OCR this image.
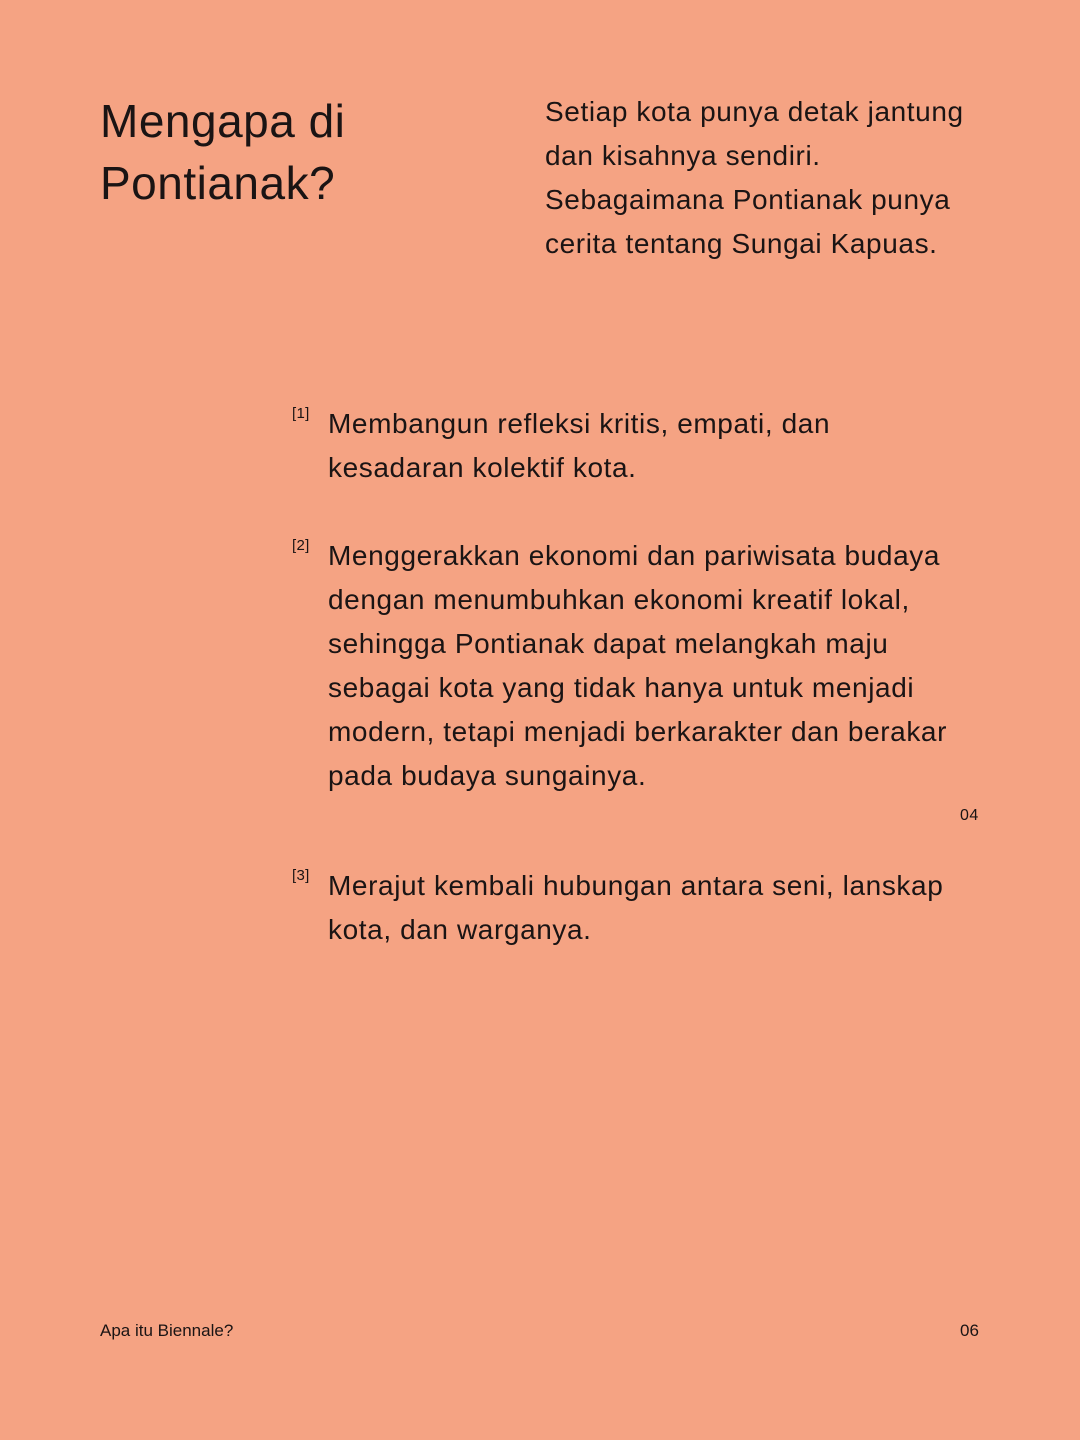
Mengapa di Pontianak?

Setiap kota punya detak jantung dan kisahnya sendiri. Sebagaimana Pontianak punya cerita tentang Sungai Kapuas.

[1] Membangun refleksi kritis, empati, dan kesadaran kolektif kota.
[2] Menggerakkan ekonomi dan pariwisata budaya dengan menumbuhkan ekonomi kreatif lokal, sehingga Pontianak dapat melangkah maju sebagai kota yang tidak hanya untuk menjadi modern, tetapi menjadi berkarakter dan berakar pada budaya sungainya.
[3] Merajut kembali hubungan antara seni, lanskap kota, dan warganya.
04
Apa itu Biennale?	06
